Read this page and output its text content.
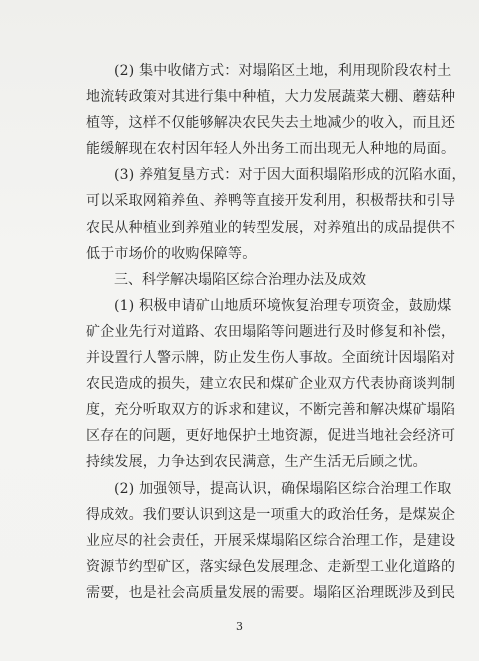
(2) 集中收储方式：对塌陷区土地，利用现阶段农村土
地流转政策对其进行集中种植，大力发展蔬菜大棚、蘑菇种
植等，这样不仅能够解决农民失去土地减少的收入，而且还
能缓解现在农村因年轻人外出务工而出现无人种地的局面。
(3) 养殖复垦方式：对于因大面积塌陷形成的沉陷水面，
可以采取网箱养鱼、养鸭等直接开发利用，积极帮扶和引导
农民从种植业到养殖业的转型发展，对养殖出的成品提供不
低于市场价的收购保障等。
三、科学解决塌陷区综合治理办法及成效
(1) 积极申请矿山地质环境恢复治理专项资金，鼓励煤
矿企业先行对道路、农田塌陷等问题进行及时修复和补偿，
并设置行人警示牌，防止发生伤人事故。全面统计因塌陷对
农民造成的损失，建立农民和煤矿企业双方代表协商谈判制
度，充分听取双方的诉求和建议，不断完善和解决煤矿塌陷
区存在的问题，更好地保护土地资源，促进当地社会经济可
持续发展，力争达到农民满意，生产生活无后顾之忧。
(2) 加强领导，提高认识，确保塌陷区综合治理工作取
得成效。我们要认识到这是一项重大的政治任务，是煤炭企
业应尽的社会责任，开展采煤塌陷区综合治理工作，是建设
资源节约型矿区，落实绿色发展理念、走新型工业化道路的
需要，也是社会高质量发展的需要。塌陷区治理既涉及到民
3
